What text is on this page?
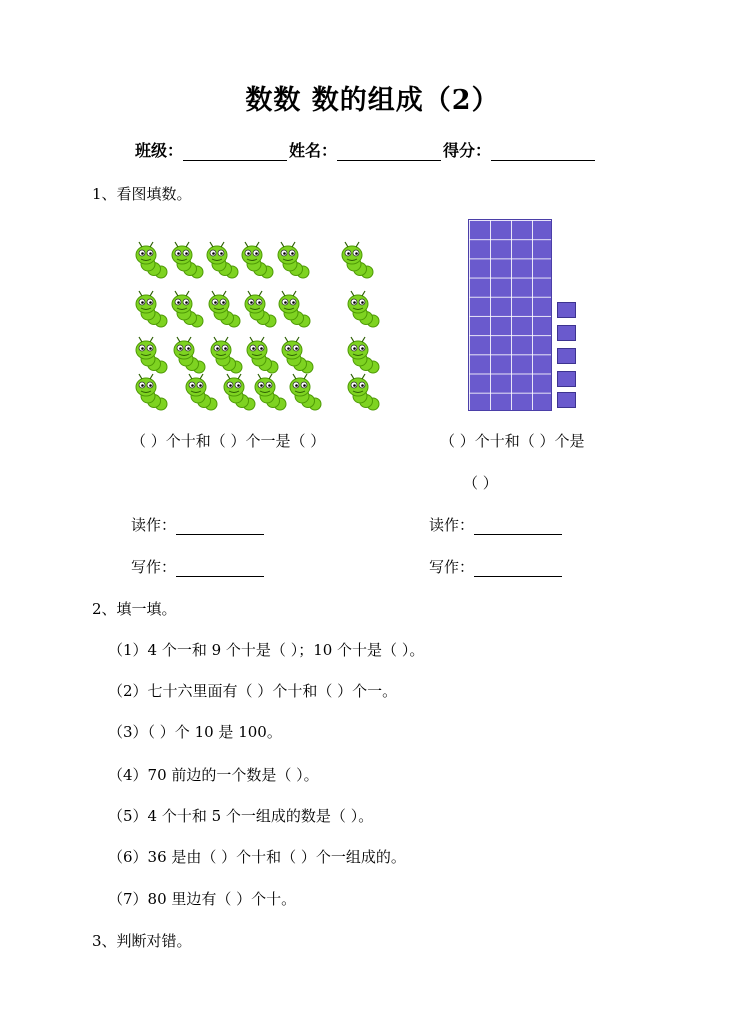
数数 数的组成（2）
班级：	姓名：	得分：
1、看图填数。
（ ）个十和（ ）个一是（ ）	（ ）个十和（ ）个是
（ ）
读作：	读作：
写作：	写作：
2、填一填。
（1）4 个一和 9 个十是（ ）；10 个十是（ ）。
（2）七十六里面有（ ）个十和（ ）个一。
（3）（ ）个 10 是 100。
（4）70 前边的一个数是（ ）。
（5）4 个十和 5 个一组成的数是（ ）。
（6）36 是由（ ）个十和（ ）个一组成的。
（7）80 里边有（ ）个十。
3、判断对错。
